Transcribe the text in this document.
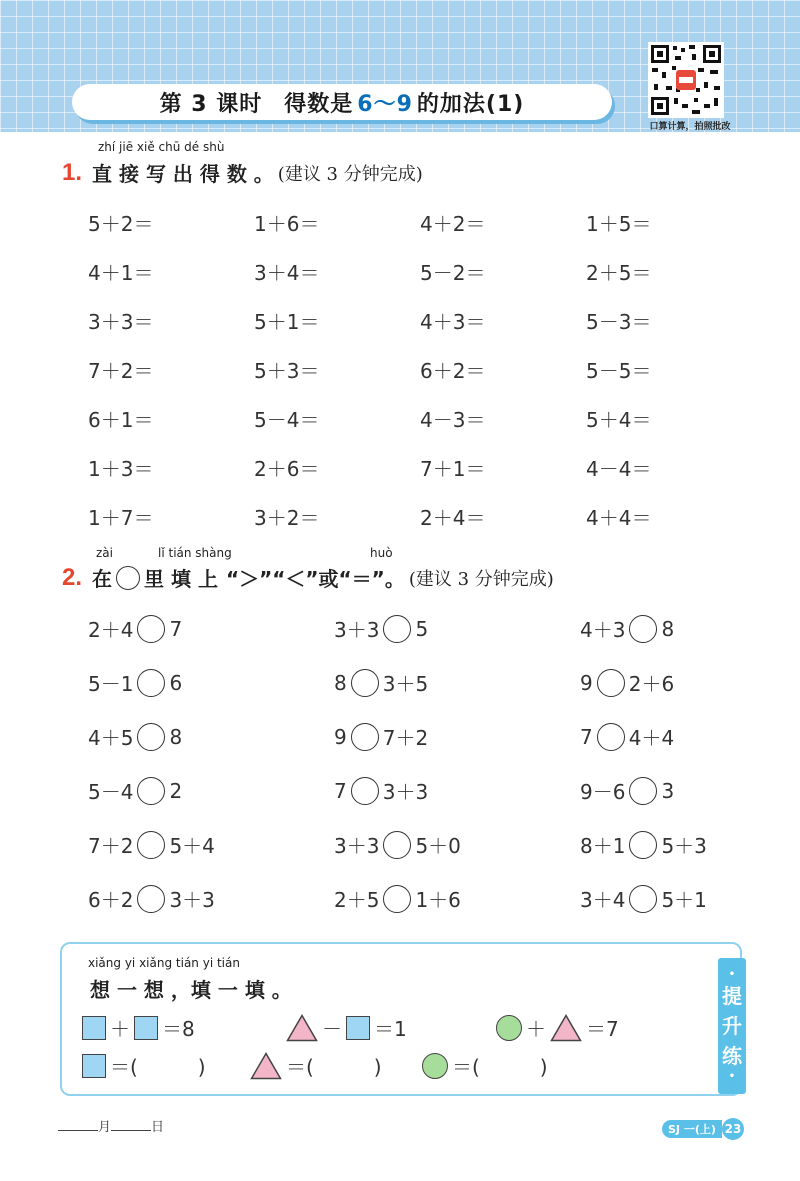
第 3 课时 得数是 6～9 的加法(1)
口算计算，拍照批改
zhí jiē xiě chū dé shù
1. 直 接 写 出 得 数 。 (建议 3 分钟完成)
5＋2＝	1＋6＝	4＋2＝	1＋5＝
4＋1＝	3＋4＝	5－2＝	2＋5＝
3＋3＝	5＋1＝	4＋3＝	5－3＝
7＋2＝	5＋3＝	6＋2＝	5－5＝
6＋1＝	5－4＝	4－3＝	5＋4＝
1＋3＝	2＋6＝	7＋1＝	4－4＝
1＋7＝	3＋2＝	2＋4＝	4＋4＝
zài	lǐ tián shàng	huò
2. 在 里 填 上 “＞”“＜”或“＝”。 (建议 3 分钟完成)
2＋4 7	3＋3 5	4＋3 8
5－1 6	8 3＋5	9 2＋6
4＋5 8	9 7＋2	7 4＋4
5－4 2	7 3＋3	9－6 3
7＋2 5＋4	3＋3 5＋0	8＋1 5＋3
6＋2 3＋3	2＋5 1＋6	3＋4 5＋1
•
提
升
练
•
xiǎng yi xiǎng tián yi tián
想 一 想 ，填 一 填 。
＋ ＝8	－ ＝1	＋ ＝7
＝(　　　)	＝(　　　)	＝(　　　)
月	日	SJ 一(上) 23
